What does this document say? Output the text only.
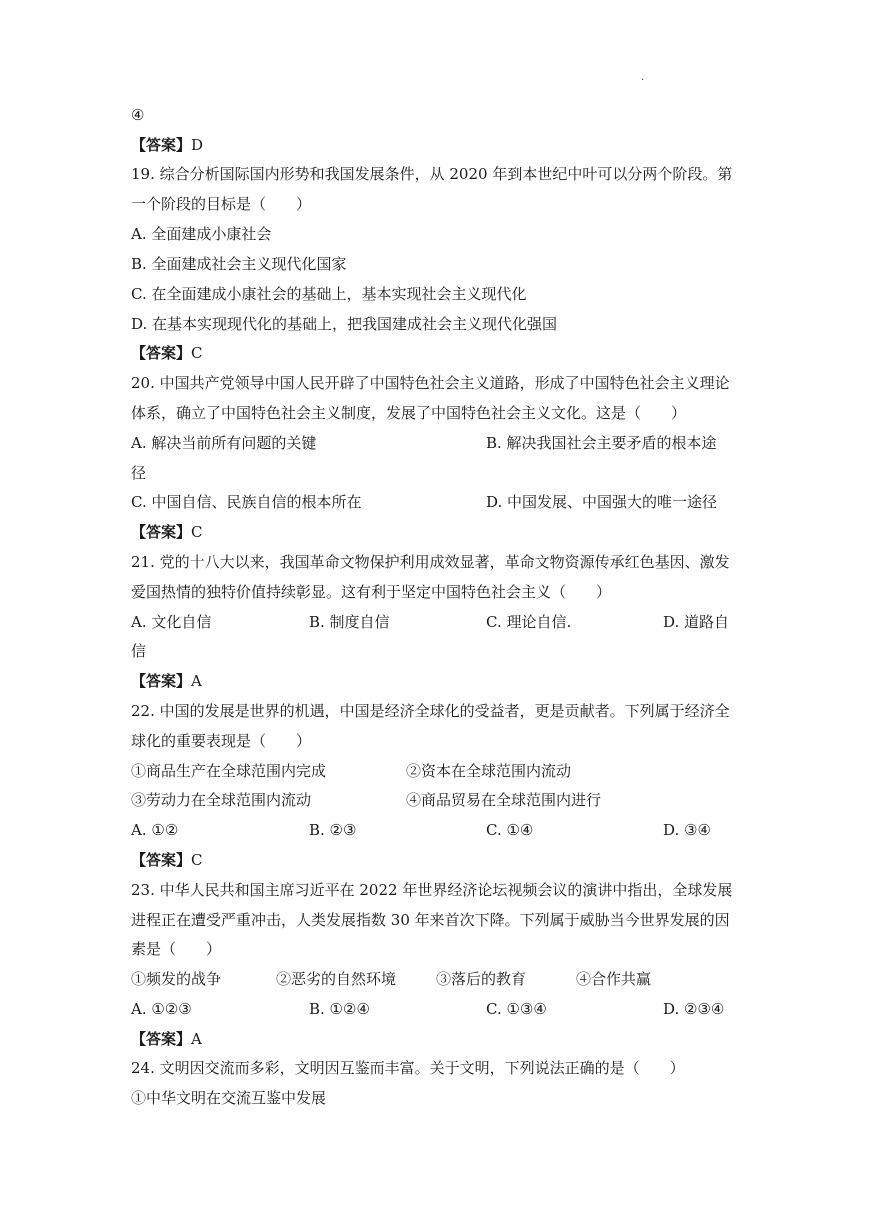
.
④
【答案】D
19. 综合分析国际国内形势和我国发展条件，从 2020 年到本世纪中叶可以分两个阶段。第
一个阶段的目标是（　　）
A. 全面建成小康社会
B. 全面建成社会主义现代化国家
C. 在全面建成小康社会的基础上，基本实现社会主义现代化
D. 在基本实现现代化的基础上，把我国建成社会主义现代化强国
【答案】C
20. 中国共产党领导中国人民开辟了中国特色社会主义道路，形成了中国特色社会主义理论
体系，确立了中国特色社会主义制度，发展了中国特色社会主义文化。这是（　　）
A. 解决当前所有问题的关键	B. 解决我国社会主要矛盾的根本途
径
C. 中国自信、民族自信的根本所在	D. 中国发展、中国强大的唯一途径
【答案】C
21. 党的十八大以来，我国革命文物保护利用成效显著，革命文物资源传承红色基因、激发
爱国热情的独特价值持续彰显。这有利于坚定中国特色社会主义（　　）
A. 文化自信	B. 制度自信	C. 理论自信.	D. 道路自
信
【答案】A
22. 中国的发展是世界的机遇，中国是经济全球化的受益者，更是贡献者。下列属于经济全
球化的重要表现是（　　）
①商品生产在全球范围内完成	②资本在全球范围内流动
③劳动力在全球范围内流动	④商品贸易在全球范围内进行
A. ①②	B. ②③	C. ①④	D. ③④
【答案】C
23. 中华人民共和国主席习近平在 2022 年世界经济论坛视频会议的演讲中指出，全球发展
进程正在遭受严重冲击，人类发展指数 30 年来首次下降。下列属于威胁当今世界发展的因
素是（　　）
①频发的战争	②恶劣的自然环境	③落后的教育	④合作共赢
A. ①②③	B. ①②④	C. ①③④	D. ②③④
【答案】A
24. 文明因交流而多彩，文明因互鉴而丰富。关于文明，下列说法正确的是（　　）
①中华文明在交流互鉴中发展
